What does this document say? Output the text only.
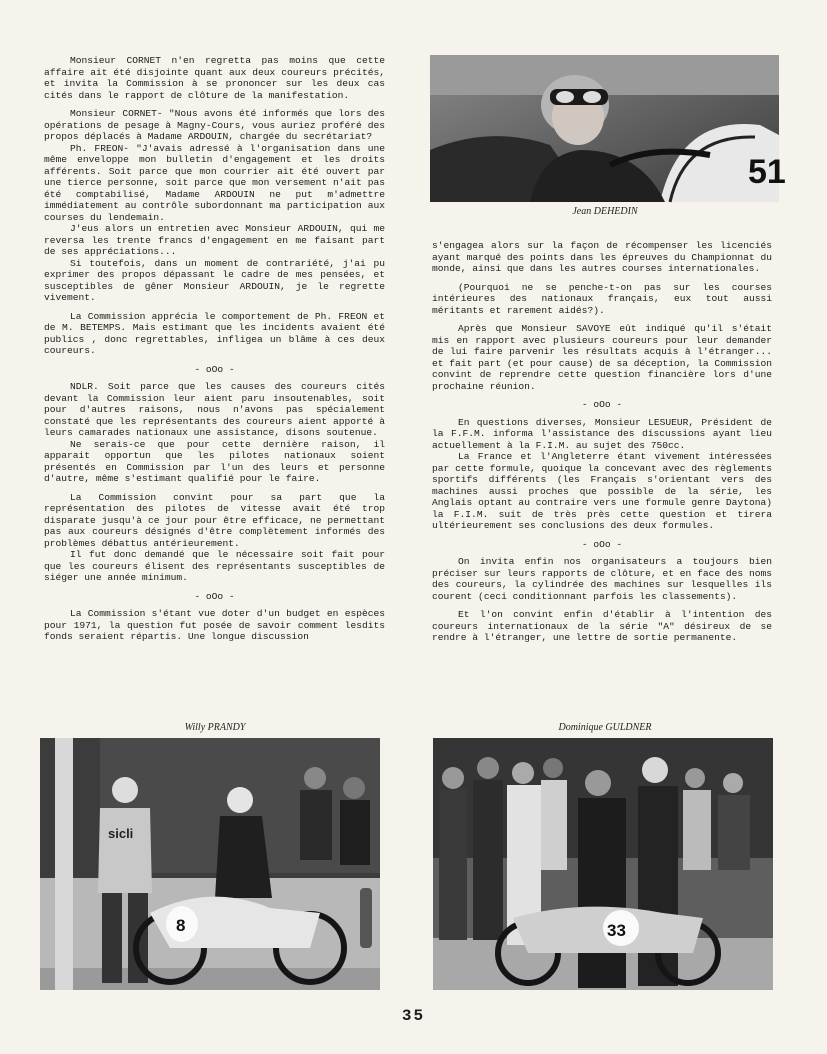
Monsieur CORNET n'en regretta pas moins que cette affaire ait été disjointe quant aux deux coureurs précités, et invita la Commission à se prononcer sur les deux cas cités dans le rapport de clôture de la manifestation.

Monsieur CORNET- "Nous avons été informés que lors des opérations de pesage à Magny-Cours, vous auriez proféré des propos déplacés à Madame ARDOUIN, chargée du secrétariat?

Ph. FREON- "J'avais adressé à l'organisation dans une même enveloppe mon bulletin d'engagement et les droits afférents. Soit parce que mon courrier ait été ouvert par une tierce personne, soit parce que mon versement n'ait pas été comptabilisé, Madame ARDOUIN ne put m'admettre immédiatement au contrôle subordonnant ma participation aux courses du lendemain.

J'eus alors un entretien avec Monsieur ARDOUIN, qui me reversa les trente francs d'engagement en me faisant part de ses appréciations...

Si toutefois, dans un moment de contrariété, j'ai pu exprimer des propos dépassant le cadre de mes pensées, et susceptibles de gêner Monsieur ARDOUIN, je le regrette vivement.

La Commission apprécia le comportement de Ph. FREON et de M. BETEMPS. Mais estimant que les incidents avaient été publics , donc regrettables, infligea un blâme à ces deux coureurs.

- oOo -

NDLR. Soit parce que les causes des coureurs cités devant la Commission leur aient paru insoutenables, soit pour d'autres raisons, nous n'avons pas spécialement constaté que les représentants des coureurs aient apporté à leurs camarades nationaux une assistance, disons soutenue.

Ne serais-ce que pour cette dernière raison, il apparait opportun que les pilotes nationaux soient présentés en Commission par l'un des leurs et personne d'autre, même s'estimant qualifié pour le faire.

La Commission convint pour sa part que la représentation des pilotes de vitesse avait été trop disparate jusqu'à ce jour pour être efficace, ne permettant pas aux coureurs désignés d'être complètement informés des problèmes débattus antérieurement.

Il fut donc demandé que le nécessaire soit fait pour que les coureurs élisent des représentants susceptibles de siéger une année minimum.

- oOo -

La Commission s'étant vue doter d'un budget en espèces pour 1971, la question fut posée de savoir comment lesdits fonds seraient répartis. Une longue discussion

s'engagea alors sur la façon de récompenser les licenciés ayant marqué des points dans les épreuves du Championnat du monde, ainsi que dans les autres courses internationales.

(Pourquoi ne se penche-t-on pas sur les courses intérieures des nationaux français, eux tout aussi méritants et rarement aidés?).

Après que Monsieur SAVOYE eût indiqué qu'il s'était mis en rapport avec plusieurs coureurs pour leur demander de lui faire parvenir les résultats acquis à l'étranger... et fait part (et pour cause) de sa déception, la Commission convint de reprendre cette question financière lors d'une prochaine réunion.

- oOo -

En questions diverses, Monsieur LESUEUR, Président de la F.F.M. informa l'assistance des discussions ayant lieu actuellement à la F.I.M. au sujet des 750cc.

La France et l'Angleterre étant vivement intéressées par cette formule, quoique la concevant avec des règlements sportifs différents (les Français s'orientant vers des machines aussi proches que possible de la série, les Anglais optant au contraire vers une formule genre Daytona) la F.I.M. suit de très près cette question et tirera ultérieurement ses conclusions des deux formules.

- oOo -

On invita enfin nos organisateurs a toujours bien préciser sur leurs rapports de clôture, et en face des noms des coureurs, la cylindrée des machines sur lesquelles ils courent (ceci conditionnant parfois les classements).

Et l'on convint enfin d'établir à l'intention des coureurs internationaux de la série "A" désireux de se rendre à l'étranger, une lettre de sortie permanente.

51
Jean DEHEDIN
Willy PRANDY
sicli
8
Dominique GULDNER
33
35
